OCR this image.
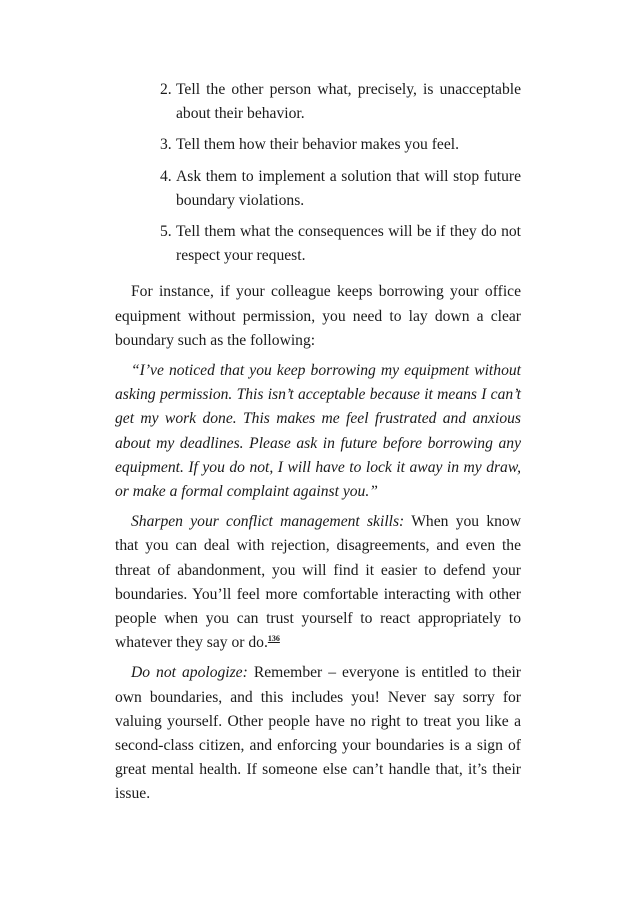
2. Tell the other person what, precisely, is unacceptable about their behavior.
3. Tell them how their behavior makes you feel.
4. Ask them to implement a solution that will stop future boundary violations.
5. Tell them what the consequences will be if they do not respect your request.

For instance, if your colleague keeps borrowing your office equipment without permission, you need to lay down a clear boundary such as the following:

“I’ve noticed that you keep borrowing my equipment without asking permission. This isn’t acceptable because it means I can’t get my work done. This makes me feel frustrated and anxious about my deadlines. Please ask in future before borrowing any equipment. If you do not, I will have to lock it away in my draw, or make a formal complaint against you.”

Sharpen your conflict management skills: When you know that you can deal with rejection, disagreements, and even the threat of abandonment, you will find it easier to defend your boundaries. You’ll feel more comfortable interacting with other people when you can trust yourself to react appropriately to whatever they say or do.$^{136}$

Do not apologize: Remember – everyone is entitled to their own boundaries, and this includes you! Never say sorry for valuing yourself. Other people have no right to treat you like a second-class citizen, and enforcing your boundaries is a sign of great mental health. If someone else can’t handle that, it’s their issue.
